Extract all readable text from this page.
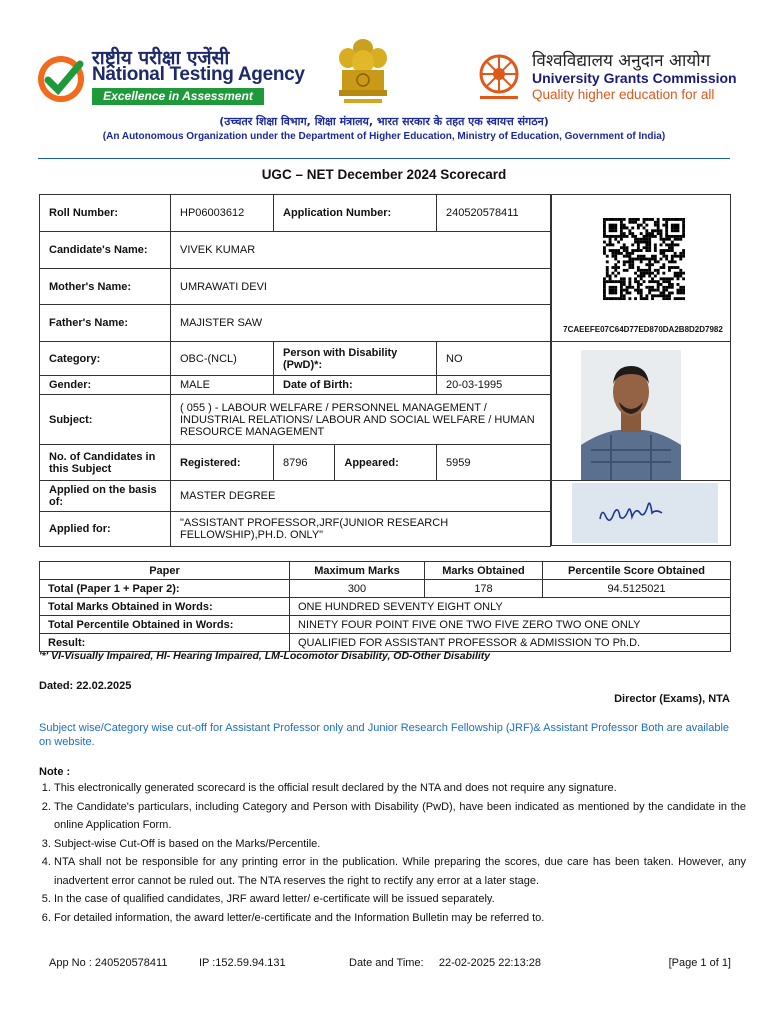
राष्ट्रीय परीक्षा एजेंसी
National Testing Agency
Excellence in Assessment
विश्वविद्यालय अनुदान आयोग
University Grants Commission
Quality higher education for all
(उच्चतर शिक्षा विभाग, शिक्षा मंत्रालय, भारत सरकार के तहत एक स्वायत्त संगठन)
(An Autonomous Organization under the Department of Higher Education, Ministry of Education, Government of India)
UGC – NET December 2024 Scorecard
Roll Number:	HP06003612	Application Number:		240520578411
Candidate's Name:	VIVEK KUMAR			
Mother's Name:	UMRAWATI DEVI			
Father's Name:	MAJISTER SAW			
Category:	OBC-(NCL)	Person with Disability (PwD)*:		NO
Gender:	MALE	Date of Birth:		20-03-1995
Subject:	( 055 ) - LABOUR WELFARE / PERSONNEL MANAGEMENT / INDUSTRIAL RELATIONS/ LABOUR AND SOCIAL WELFARE / HUMAN RESOURCE MANAGEMENT			
No. of Candidates in this Subject	Registered:	8796	Appeared:	5959
Applied on the basis of:	MASTER DEGREE			
Applied for:	"ASSISTANT PROFESSOR,JRF(JUNIOR RESEARCH FELLOWSHIP),PH.D. ONLY"			
7CAEEFE07C64D77ED870DA2B8D2D7982
Paper	Maximum Marks	Marks Obtained	Percentile Score Obtained
Total (Paper 1 + Paper 2):	300	178	94.5125021
Total Marks Obtained in Words:	ONE HUNDRED SEVENTY EIGHT ONLY		
Total Percentile Obtained in Words:	NINETY FOUR POINT FIVE ONE TWO FIVE ZERO TWO ONE ONLY		
Result:	QUALIFIED FOR ASSISTANT PROFESSOR & ADMISSION TO Ph.D.		
'*' VI-Visually Impaired, HI- Hearing Impaired, LM-Locomotor Disability, OD-Other Disability
Dated: 22.02.2025
Director (Exams), NTA
Subject wise/Category wise cut-off for Assistant Professor only and Junior Research Fellowship (JRF)& Assistant Professor Both are available on website.
Note :
1. This electronically generated scorecard is the official result declared by the NTA and does not require any signature.
2. The Candidate's particulars, including Category and Person with Disability (PwD), have been indicated as mentioned by the candidate in the online Application Form.
3. Subject-wise Cut-Off is based on the Marks/Percentile.
4. NTA shall not be responsible for any printing error in the publication. While preparing the scores, due care has been taken. However, any inadvertent error cannot be ruled out. The NTA reserves the right to rectify any error at a later stage.
5. In the case of qualified candidates, JRF award letter/ e-certificate will be issued separately.
6. For detailed information, the award letter/e-certificate and the Information Bulletin may be referred to.
App No : 240520578411	IP :152.59.94.131	Date and Time:     22-02-2025 22:13:28	[Page 1 of 1]
